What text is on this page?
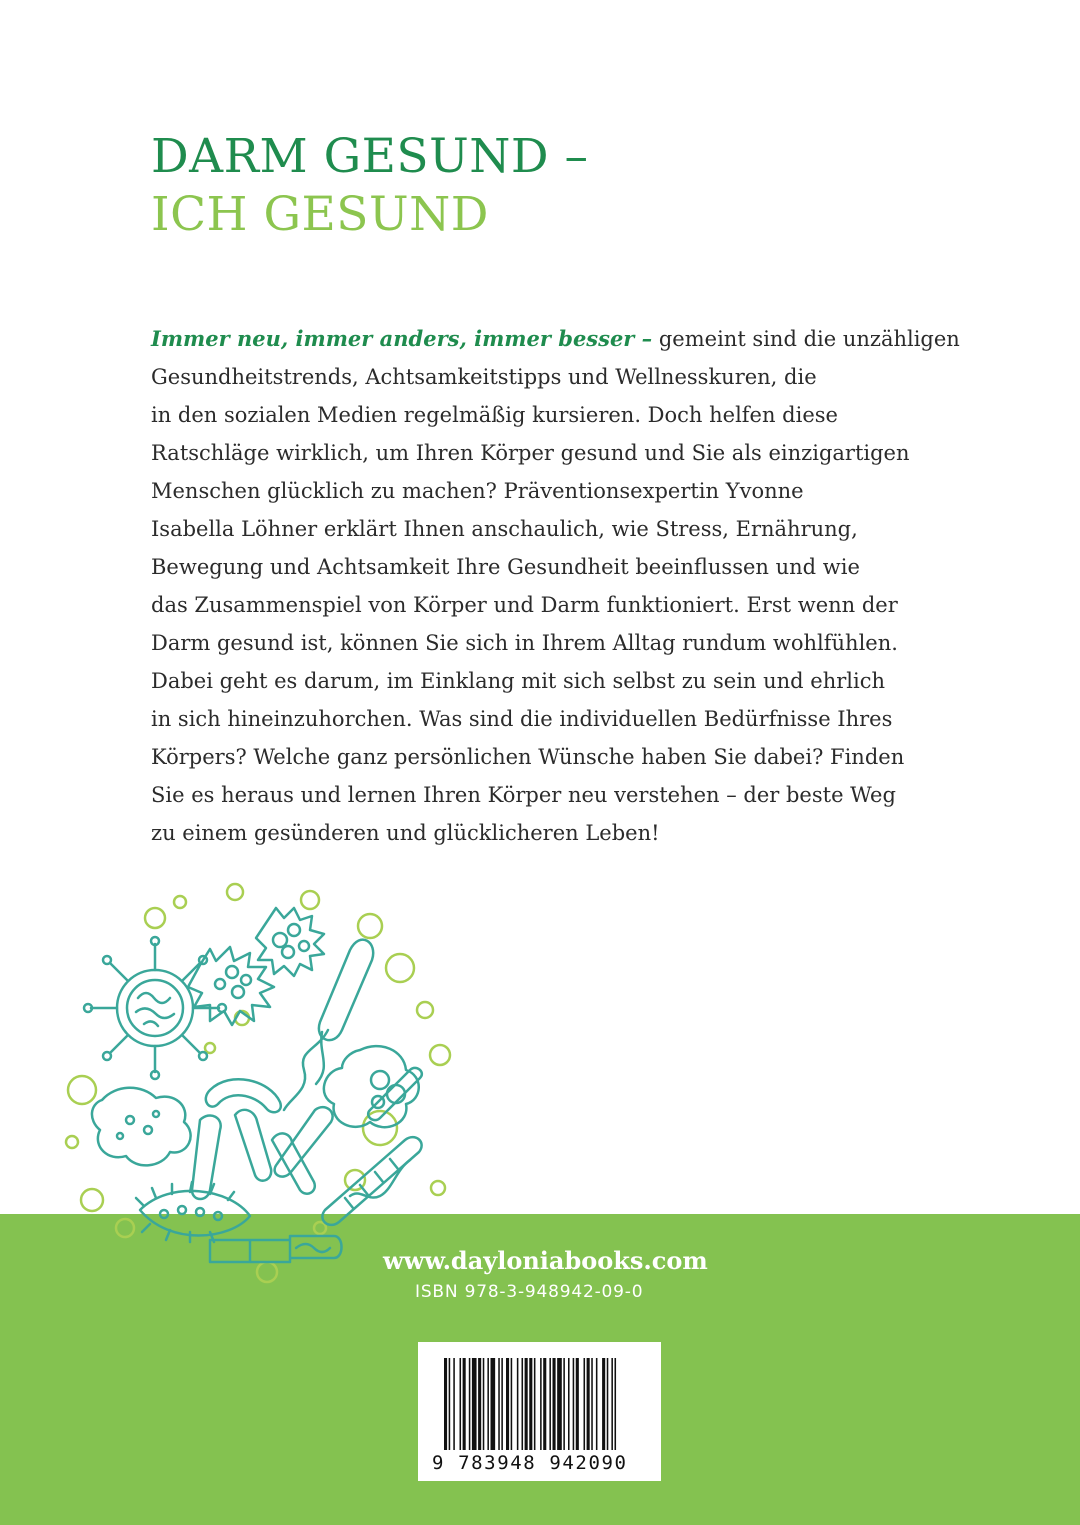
DARM GESUND –
ICH GESUND
Immer neu, immer anders, immer besser – gemeint sind die unzähligen
Gesundheitstrends, Achtsamkeitstipps und Wellnesskuren, die
in den sozialen Medien regelmäßig kursieren. Doch helfen diese
Ratschläge wirklich, um Ihren Körper gesund und Sie als einzigartigen
Menschen glücklich zu machen? Präventionsexpertin Yvonne
Isabella Löhner erklärt Ihnen anschaulich, wie Stress, Ernährung,
Bewegung und Achtsamkeit Ihre Gesundheit beeinflussen und wie
das Zusammenspiel von Körper und Darm funktioniert. Erst wenn der
Darm gesund ist, können Sie sich in Ihrem Alltag rundum wohlfühlen.
Dabei geht es darum, im Einklang mit sich selbst zu sein und ehrlich
in sich hineinzuhorchen. Was sind die individuellen Bedürfnisse Ihres
Körpers? Welche ganz persönlichen Wünsche haben Sie dabei? Finden
Sie es heraus und lernen Ihren Körper neu verstehen – der beste Weg
zu einem gesünderen und glücklicheren Leben!
www.dayloniabooks.com
ISBN 978-3-948942-09-0
9 783948 942090
